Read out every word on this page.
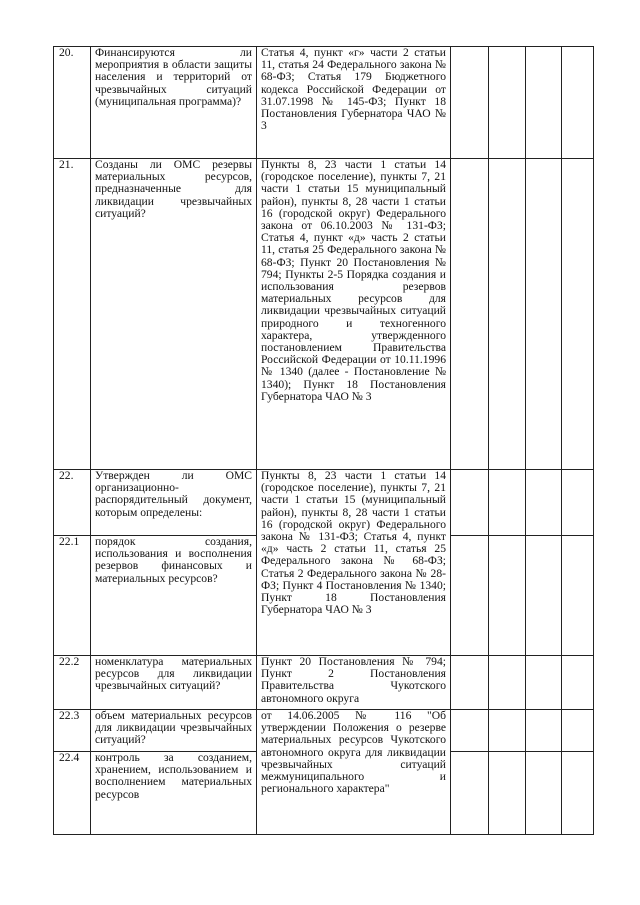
20.	Финансируются ли мероприятия в области защиты населения и территорий от чрезвычайных ситуаций (муниципальная программа)?	Статья 4, пункт «г» части 2 статьи 11, статья 24 Федерального закона № 68-ФЗ; Статья 179 Бюджетного кодекса Российской Федерации от 31.07.1998 № 145-ФЗ; Пункт 18 Постановления Губернатора ЧАО № 3				
21.	Созданы ли ОМС резервы материальных ресурсов, предназначенные для ликвидации чрезвычайных ситуаций?	Пункты 8, 23 части 1 статьи 14 (городское поселение), пункты 7, 21 части 1 статьи 15 муниципальный район), пункты 8, 28 части 1 статьи 16 (городской округ) Федерального закона от 06.10.2003 № 131-ФЗ; Статья 4, пункт «д» часть 2 статьи 11, статья 25 Федерального закона № 68-ФЗ; Пункт 20 Постановления № 794; Пункты 2-5 Порядка создания и использования резервов материальных ресурсов для ликвидации чрезвычайных ситуаций природного и техногенного характера, утвержденного постановлением Правительства Российской Федерации от 10.11.1996 № 1340 (далее - Постановление № 1340); Пункт 18 Постановления Губернатора ЧАО № 3				
22.	Утвержден ли ОМС организационно-распорядительный документ, которым определены:	Пункты 8, 23 части 1 статьи 14 (городское поселение), пункты 7, 21 части 1 статьи 15 (муниципальный район), пункты 8, 28 части 1 статьи 16 (городской округ) Федерального закона № 131-ФЗ; Статья 4, пункт «д» часть 2 статьи 11, статья 25 Федерального закона № 68-ФЗ; Статья 2 Федерального закона № 28-ФЗ; Пункт 4 Постановления № 1340; Пункт 18 Постановления Губернатора ЧАО № 3				
22.1	порядок создания, использования и восполнения резервов финансовых и материальных ресурсов?					
22.2	номенклатура материальных ресурсов для ликвидации чрезвычайных ситуаций?	Пункт 20 Постановления № 794; Пункт 2 Постановления Правительства Чукотского автономного округа				
22.3	объем материальных ресурсов для ликвидации чрезвычайных ситуаций?	от 14.06.2005 № 116 "Об утверждении Положения о резерве материальных ресурсов Чукотского автономного округа для ликвидации чрезвычайных ситуаций межмуниципального и регионального характера"				
22.4	контроль за созданием, хранением, использованием и восполнением материальных ресурсов					
